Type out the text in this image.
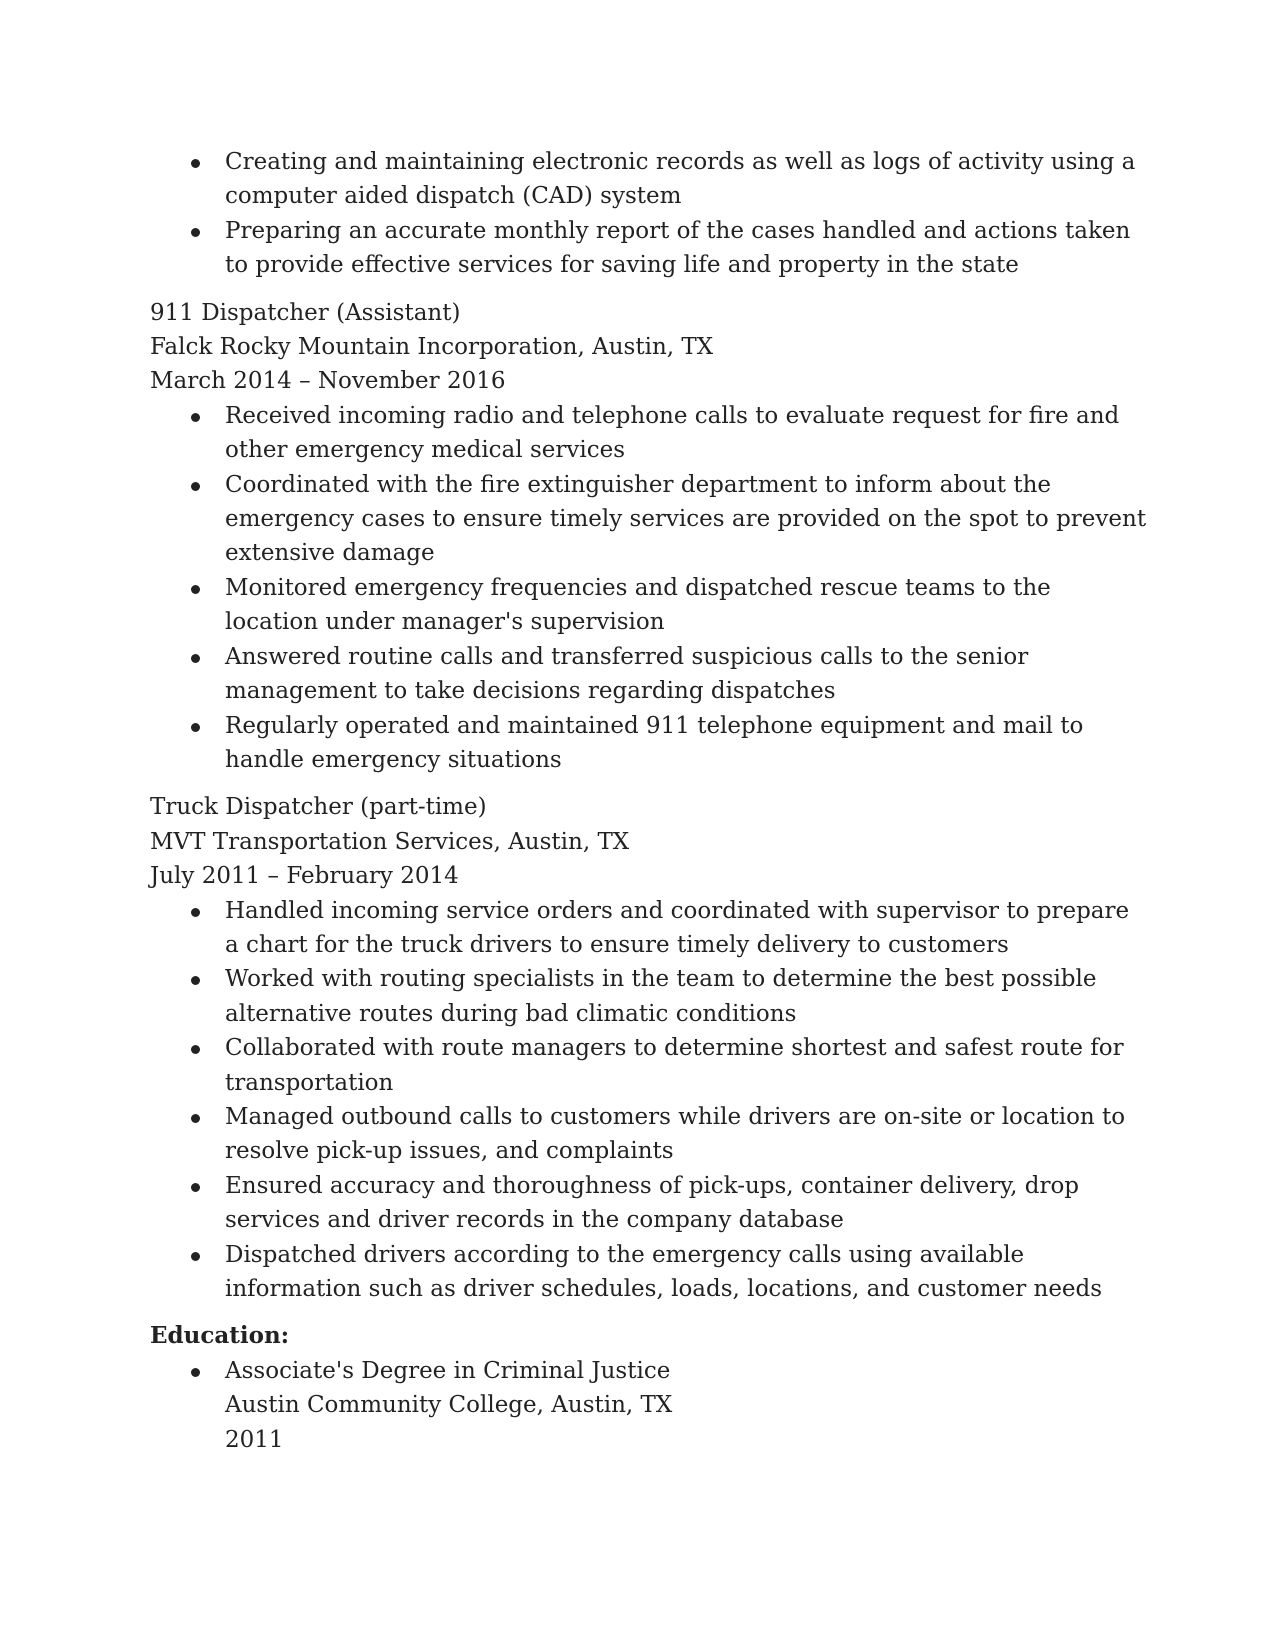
Creating and maintaining electronic records as well as logs of activity using a computer aided dispatch (CAD) system
Preparing an accurate monthly report of the cases handled and actions taken to provide effective services for saving life and property in the state
911 Dispatcher (Assistant)
Falck Rocky Mountain Incorporation, Austin, TX
March 2014 – November 2016
Received incoming radio and telephone calls to evaluate request for fire and other emergency medical services
Coordinated with the fire extinguisher department to inform about the emergency cases to ensure timely services are provided on the spot to prevent extensive damage
Monitored emergency frequencies and dispatched rescue teams to the location under manager's supervision
Answered routine calls and transferred suspicious calls to the senior management to take decisions regarding dispatches
Regularly operated and maintained 911 telephone equipment and mail to handle emergency situations
Truck Dispatcher (part-time)
MVT Transportation Services, Austin, TX
July 2011 – February 2014
Handled incoming service orders and coordinated with supervisor to prepare a chart for the truck drivers to ensure timely delivery to customers
Worked with routing specialists in the team to determine the best possible alternative routes during bad climatic conditions
Collaborated with route managers to determine shortest and safest route for transportation
Managed outbound calls to customers while drivers are on-site or location to resolve pick-up issues, and complaints
Ensured accuracy and thoroughness of pick-ups, container delivery, drop services and driver records in the company database
Dispatched drivers according to the emergency calls using available information such as driver schedules, loads, locations, and customer needs
Education:
Associate's Degree in Criminal Justice
Austin Community College, Austin, TX
2011
